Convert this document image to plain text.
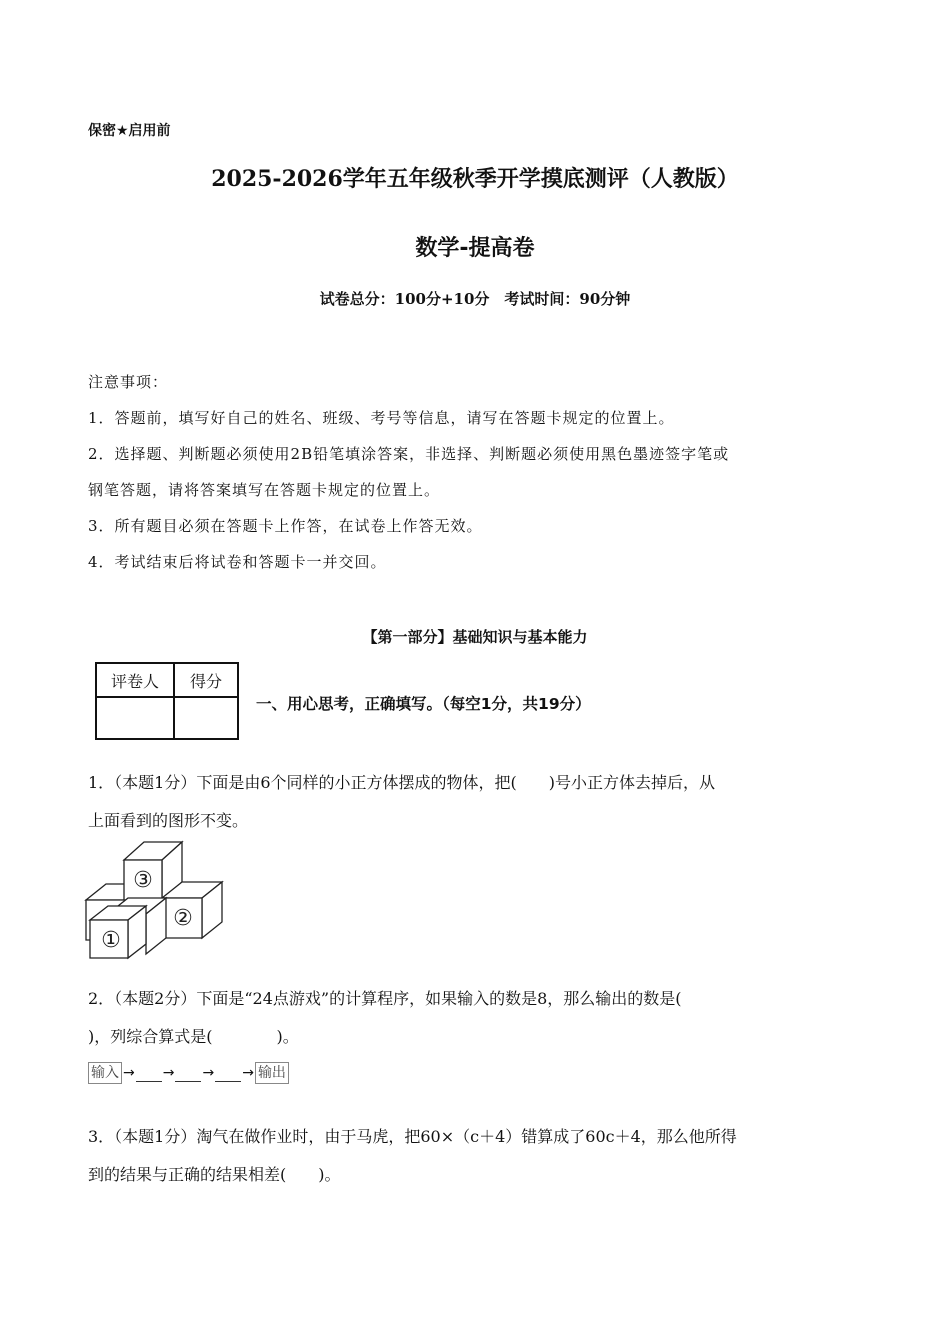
保密★启用前
2025-2026学年五年级秋季开学摸底测评（人教版）
数学-提高卷
试卷总分：100分+10分　考试时间：90分钟
注意事项：
1．答题前，填写好自己的姓名、班级、考号等信息，请写在答题卡规定的位置上。
2．选择题、判断题必须使用2B铅笔填涂答案，非选择、判断题必须使用黑色墨迹签字笔或
钢笔答题，请将答案填写在答题卡规定的位置上。
3．所有题目必须在答题卡上作答，在试卷上作答无效。
4．考试结束后将试卷和答题卡一并交回。
【第一部分】基础知识与基本能力
评卷人	得分

一、用心思考，正确填写。（每空1分，共19分）
1．（本题1分）下面是由6个同样的小正方体摆成的物体，把(　　)号小正方体去掉后，从
上面看到的图形不变。
③
②
①
2．（本题2分）下面是“24点游戏”的计算程序，如果输入的数是8，那么输出的数是(
)，列综合算式是(　　　　)。
输入 → → → → 输出
3．（本题1分）淘气在做作业时，由于马虎，把60×（c＋4）错算成了60c＋4，那么他所得
到的结果与正确的结果相差(　　)。
